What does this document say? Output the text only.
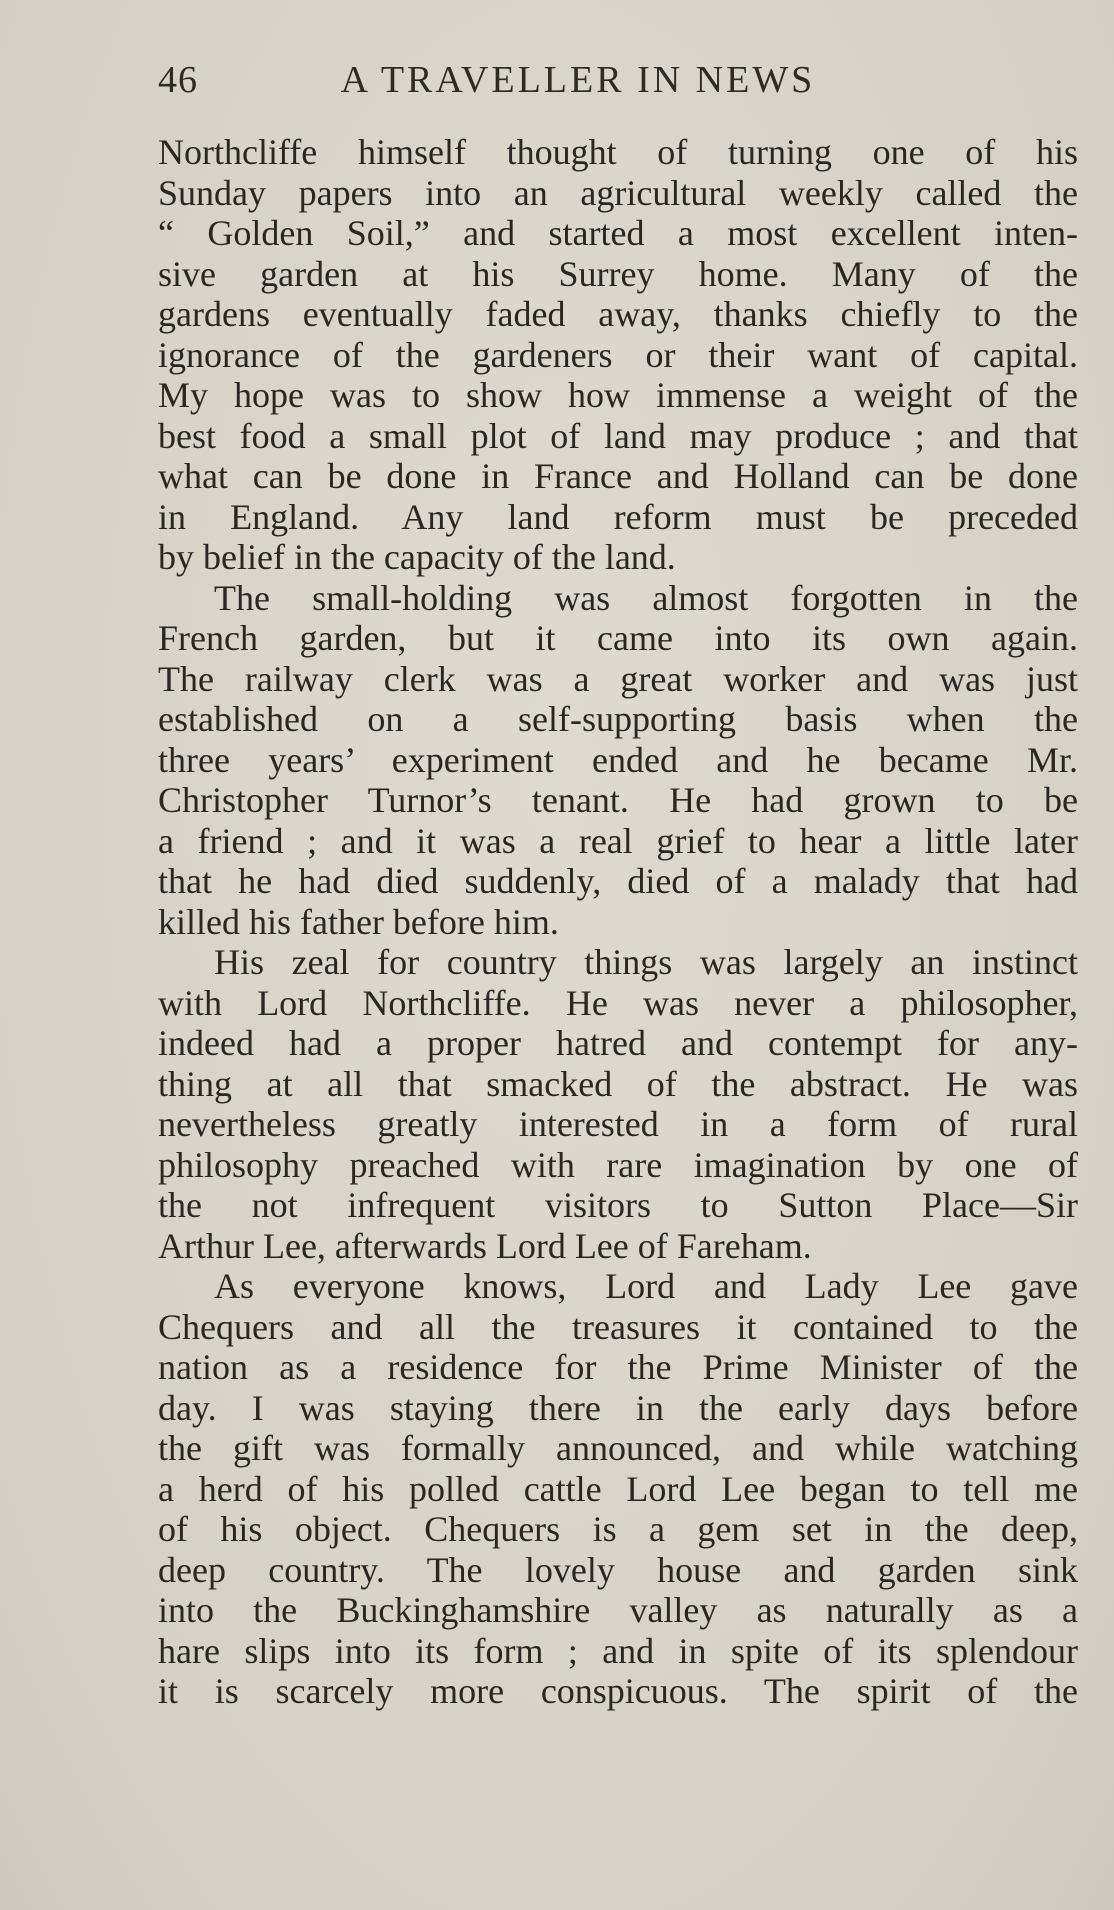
46	A TRAVELLER IN NEWS
Northcliffe himself thought of turning one of his
Sunday papers into an agricultural weekly called the
“ Golden Soil,” and started a most excellent inten-
sive garden at his Surrey home. Many of the
gardens eventually faded away, thanks chiefly to the
ignorance of the gardeners or their want of capital.
My hope was to show how immense a weight of the
best food a small plot of land may produce ; and that
what can be done in France and Holland can be done
in England. Any land reform must be preceded
by belief in the capacity of the land.
The small-holding was almost forgotten in the
French garden, but it came into its own again.
The railway clerk was a great worker and was just
established on a self-supporting basis when the
three years’ experiment ended and he became Mr.
Christopher Turnor’s tenant. He had grown to be
a friend ; and it was a real grief to hear a little later
that he had died suddenly, died of a malady that had
killed his father before him.
His zeal for country things was largely an instinct
with Lord Northcliffe. He was never a philosopher,
indeed had a proper hatred and contempt for any-
thing at all that smacked of the abstract. He was
nevertheless greatly interested in a form of rural
philosophy preached with rare imagination by one of
the not infrequent visitors to Sutton Place—Sir
Arthur Lee, afterwards Lord Lee of Fareham.
As everyone knows, Lord and Lady Lee gave
Chequers and all the treasures it contained to the
nation as a residence for the Prime Minister of the
day. I was staying there in the early days before
the gift was formally announced, and while watching
a herd of his polled cattle Lord Lee began to tell me
of his object. Chequers is a gem set in the deep,
deep country. The lovely house and garden sink
into the Buckinghamshire valley as naturally as a
hare slips into its form ; and in spite of its splendour
it is scarcely more conspicuous. The spirit of the
